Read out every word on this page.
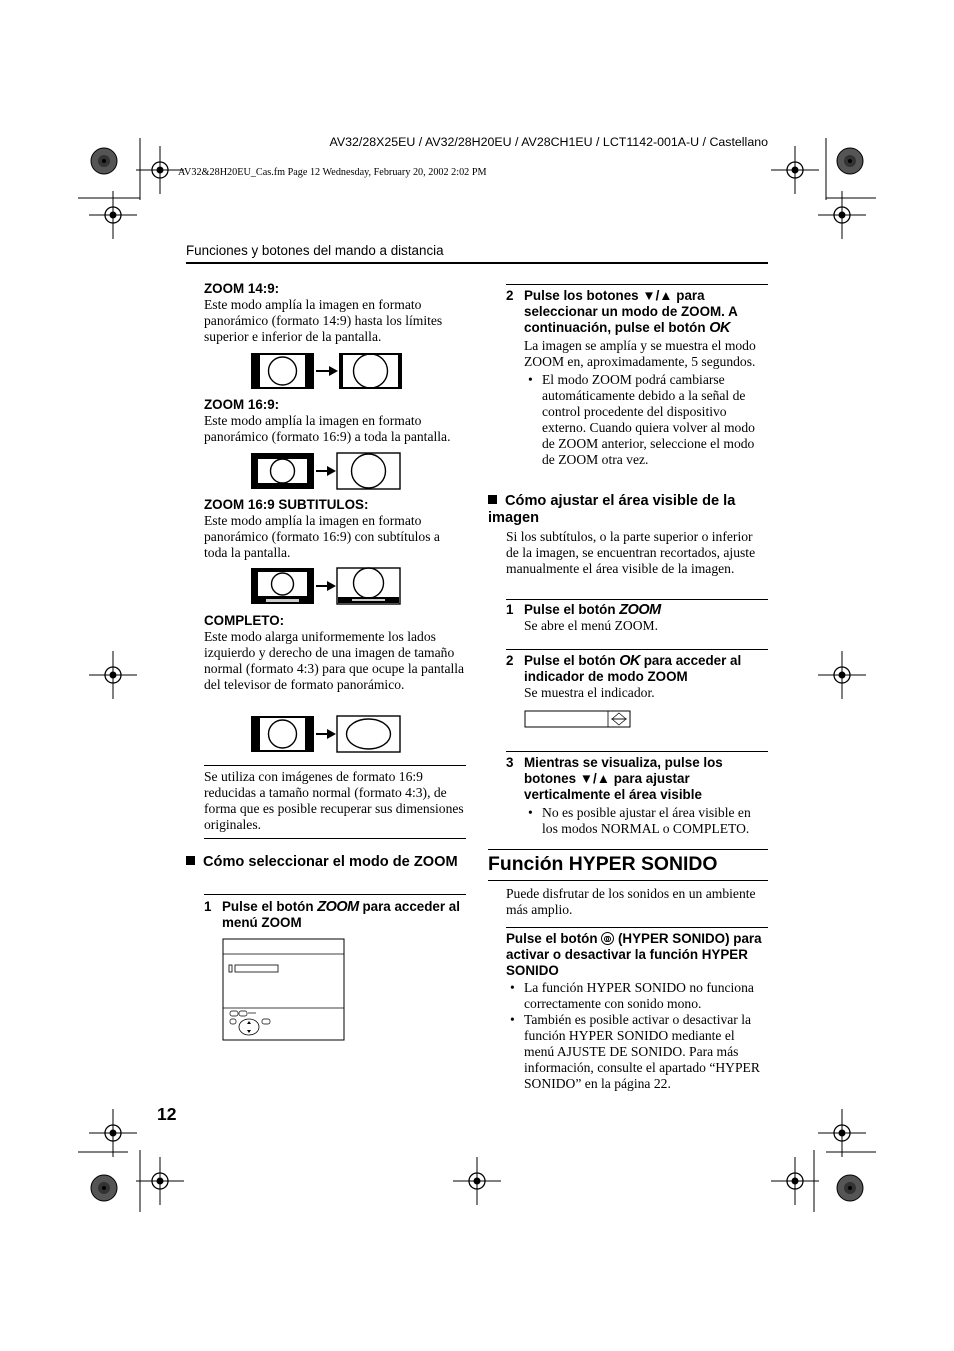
AV32/28X25EU / AV32/28H20EU / AV28CH1EU / LCT1142-001A-U / Castellano
AV32&28H20EU_Cas.fm Page 12 Wednesday, February 20, 2002 2:02 PM
Funciones y botones del mando a distancia
ZOOM 14:9:
Este modo amplía la imagen en formato panorámico (formato 14:9) hasta los límites superior e inferior de la pantalla.
ZOOM 16:9:
Este modo amplía la imagen en formato panorámico (formato 16:9) a toda la pantalla.
ZOOM 16:9 SUBTITULOS:
Este modo amplía la imagen en formato panorámico (formato 16:9) con subtítulos a toda la pantalla.
COMPLETO:
Este modo alarga uniformemente los lados izquierdo y derecho de una imagen de tamaño normal (formato 4:3) para que ocupe la pantalla del televisor de formato panorámico.
Se utiliza con imágenes de formato 16:9 reducidas a tamaño normal (formato 4:3), de forma que es posible recuperar sus dimensiones originales.
Cómo seleccionar el modo de ZOOM
1 Pulse el botón ZOOM para acceder al menú ZOOM
2 Pulse los botones ▼/▲ para seleccionar un modo de ZOOM. A continuación, pulse el botón OK
La imagen se amplía y se muestra el modo ZOOM en, aproximadamente, 5 segundos.
• El modo ZOOM podrá cambiarse automáticamente debido a la señal de control procedente del dispositivo externo. Cuando quiera volver al modo de ZOOM anterior, seleccione el modo de ZOOM otra vez.
Cómo ajustar el área visible de la imagen
Si los subtítulos, o la parte superior o inferior de la imagen, se encuentran recortados, ajuste manualmente el área visible de la imagen.
1 Pulse el botón ZOOM
Se abre el menú ZOOM.
2 Pulse el botón OK para acceder al indicador de modo ZOOM
Se muestra el indicador.
3 Mientras se visualiza, pulse los botones ▼/▲ para ajustar verticalmente el área visible
• No es posible ajustar el área visible en los modos NORMAL o COMPLETO.
Función HYPER SONIDO
Puede disfrutar de los sonidos en un ambiente más amplio.
Pulse el botón
(HYPER SONIDO) para activar o desactivar la función HYPER SONIDO
• La función HYPER SONIDO no funciona correctamente con sonido mono.
• También es posible activar o desactivar la función HYPER SONIDO mediante el menú AJUSTE DE SONIDO. Para más información, consulte el apartado “HYPER SONIDO” en la página 22.
12
